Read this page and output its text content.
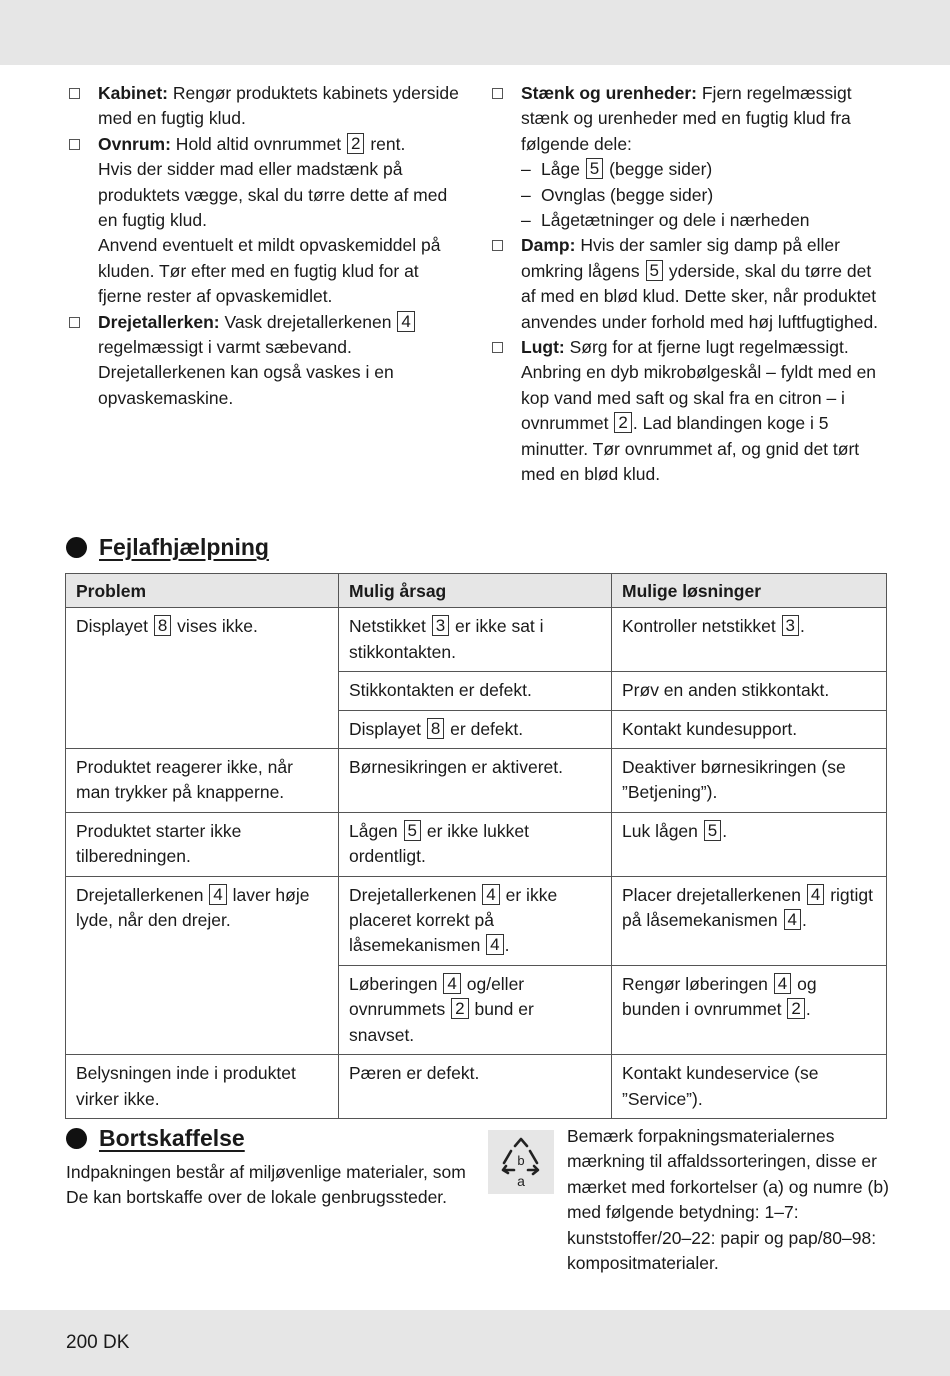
Kabinet: Rengør produktets kabinets yderside med en fugtig klud.

Ovnrum: Hold altid ovnrummet 2 rent.
Hvis der sidder mad eller madstænk på produktets vægge, skal du tørre dette af med en fugtig klud.
Anvend eventuelt et mildt opvaskemiddel på kluden. Tør efter med en fugtig klud for at fjerne rester af opvaskemidlet.

Drejetallerken: Vask drejetallerkenen 4 regelmæssigt i varmt sæbevand.
Drejetallerkenen kan også vaskes i en opvaskemaskine.

Stænk og urenheder: Fjern regelmæssigt stænk og urenheder med en fugtig klud fra følgende dele:
– Låge 5 (begge sider)
– Ovnglas (begge sider)
– Lågetætninger og dele i nærheden

Damp: Hvis der samler sig damp på eller omkring lågens 5 yderside, skal du tørre det af med en blød klud. Dette sker, når produktet anvendes under forhold med høj luftfugtighed.

Lugt: Sørg for at fjerne lugt regelmæssigt. Anbring en dyb mikrobølgeskål – fyldt med en kop vand med saft og skal fra en citron – i ovnrummet 2 . Lad blandingen koge i 5 minutter. Tør ovnrummet af, og gnid det tørt med en blød klud.

Fejlafhjælpning
Problem	Mulig årsag	Mulige løsninger
Displayet 8 vises ikke.	Netstikket 3 er ikke sat i stikkontakten.	Kontroller netstikket 3 .
	Stikkontakten er defekt.	Prøv en anden stikkontakt.
	Displayet 8 er defekt.	Kontakt kundesupport.
Produktet reagerer ikke, når man trykker på knapperne.	Børnesikringen er aktiveret.	Deaktiver børnesikringen (se ”Betjening”).
Produktet starter ikke tilberedningen.	Lågen 5 er ikke lukket ordentligt.	Luk lågen 5 .
Drejetallerkenen 4 laver høje lyde, når den drejer.	Drejetallerkenen 4 er ikke placeret korrekt på låsemekanismen 4 .	Placer drejetallerkenen 4 rigtigt på låsemekanismen 4 .
	Løberingen 4 og/eller ovnrummets 2 bund er snavset.	Rengør løberingen 4 og bunden i ovnrummet 2 .
Belysningen inde i produktet virker ikke.	Pæren er defekt.	Kontakt kundeservice (se ”Service”).
Bortskaffelse
Indpakningen består af miljøvenlige materialer, som De kan bortskaffe over de lokale genbrugssteder.
b
a
Bemærk forpakningsmaterialernes mærkning til affaldssorteringen, disse er mærket med forkortelser (a) og numre (b) med følgende betydning: 1–7: kunststoffer/20–22: papir og pap/80–98: kompositmaterialer.
200 DK
